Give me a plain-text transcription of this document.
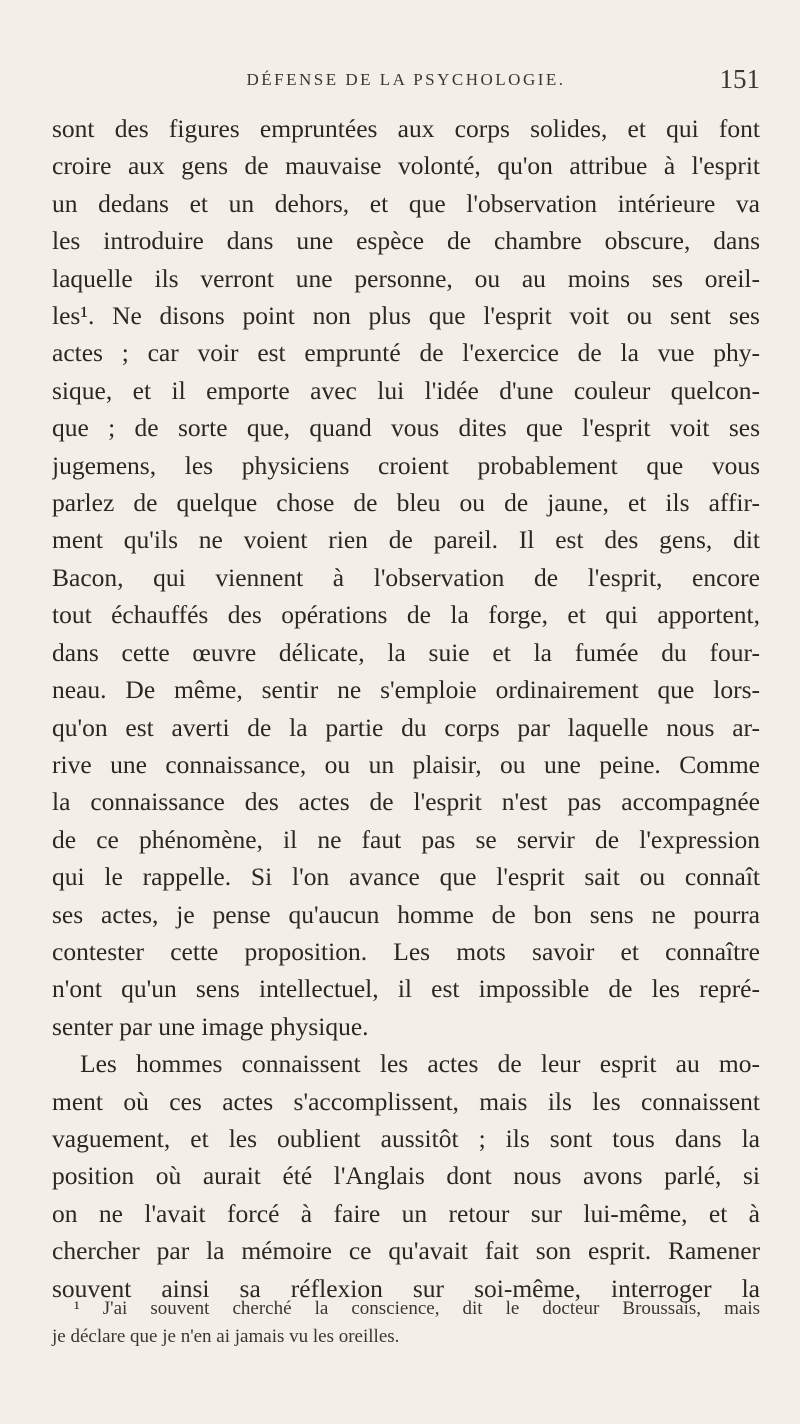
DÉFENSE DE LA PSYCHOLOGIE.	151
sont des figures empruntées aux corps solides, et qui font
croire aux gens de mauvaise volonté, qu'on attribue à l'esprit
un dedans et un dehors, et que l'observation intérieure va
les introduire dans une espèce de chambre obscure, dans
laquelle ils verront une personne, ou au moins ses oreil-
les¹. Ne disons point non plus que l'esprit voit ou sent ses
actes ; car voir est emprunté de l'exercice de la vue phy-
sique, et il emporte avec lui l'idée d'une couleur quelcon-
que ; de sorte que, quand vous dites que l'esprit voit ses
jugemens, les physiciens croient probablement que vous
parlez de quelque chose de bleu ou de jaune, et ils affir-
ment qu'ils ne voient rien de pareil. Il est des gens, dit
Bacon, qui viennent à l'observation de l'esprit, encore
tout échauffés des opérations de la forge, et qui apportent,
dans cette œuvre délicate, la suie et la fumée du four-
neau. De même, sentir ne s'emploie ordinairement que lors-
qu'on est averti de la partie du corps par laquelle nous ar-
rive une connaissance, ou un plaisir, ou une peine. Comme
la connaissance des actes de l'esprit n'est pas accompagnée
de ce phénomène, il ne faut pas se servir de l'expression
qui le rappelle. Si l'on avance que l'esprit sait ou connaît
ses actes, je pense qu'aucun homme de bon sens ne pourra
contester cette proposition. Les mots savoir et connaître
n'ont qu'un sens intellectuel, il est impossible de les repré-
senter par une image physique.
Les hommes connaissent les actes de leur esprit au mo-
ment où ces actes s'accomplissent, mais ils les connaissent
vaguement, et les oublient aussitôt ; ils sont tous dans la
position où aurait été l'Anglais dont nous avons parlé, si
on ne l'avait forcé à faire un retour sur lui-même, et à
chercher par la mémoire ce qu'avait fait son esprit. Ramener
souvent ainsi sa réflexion sur soi-même, interroger la
¹ J'ai souvent cherché la conscience, dit le docteur Broussais, mais
je déclare que je n'en ai jamais vu les oreilles.
